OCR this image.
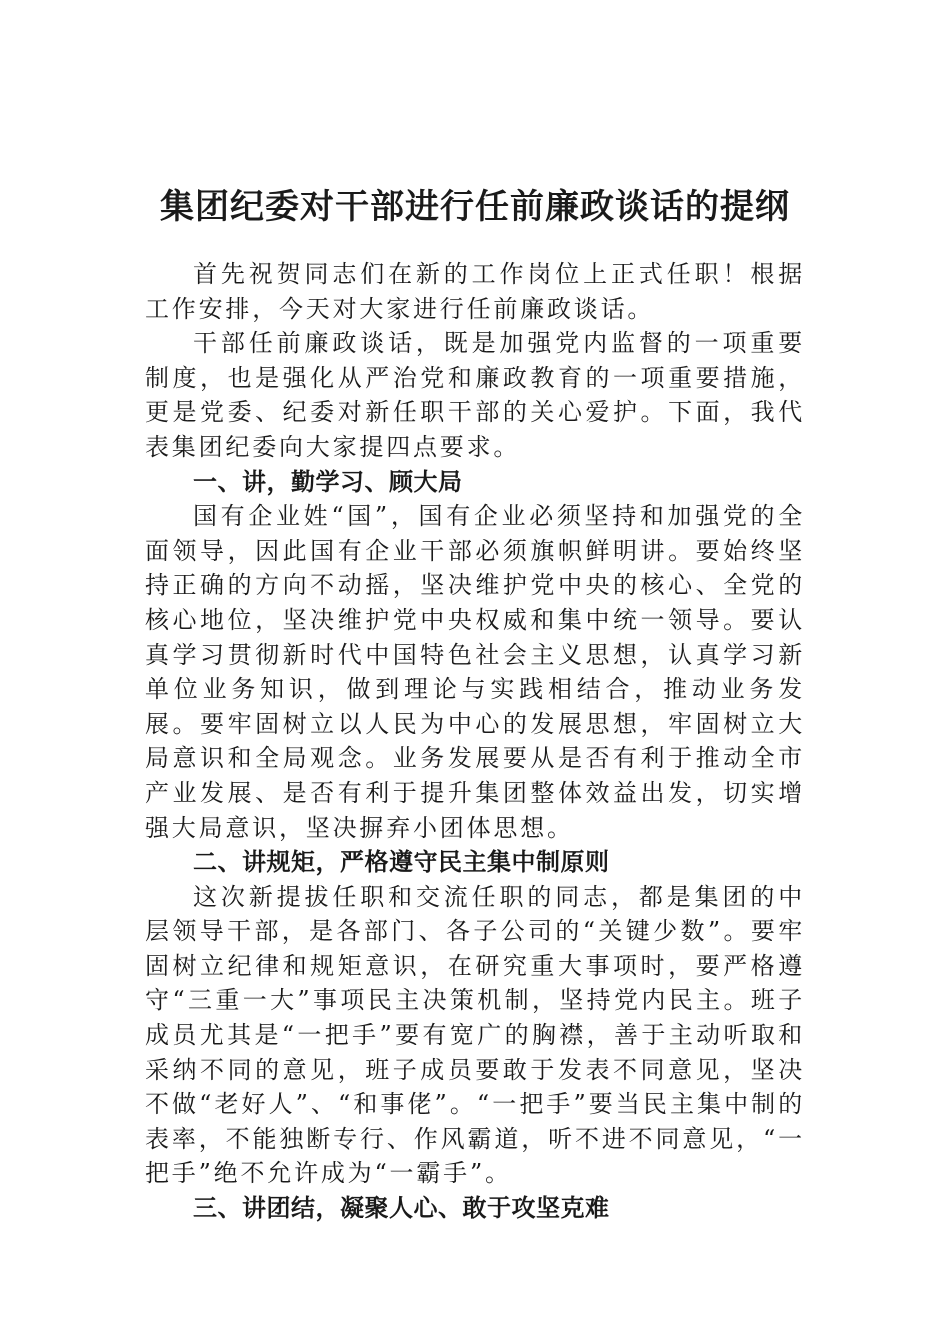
集团纪委对干部进行任前廉政谈话的提纲

首先祝贺同志们在新的工作岗位上正式任职！根据工作安排，今天对大家进行任前廉政谈话。

干部任前廉政谈话，既是加强党内监督的一项重要制度，也是强化从严治党和廉政教育的一项重要措施，更是党委、纪委对新任职干部的关心爱护。下面，我代表集团纪委向大家提四点要求。

一、讲，勤学习、顾大局

国有企业姓“国”，国有企业必须坚持和加强党的全面领导，因此国有企业干部必须旗帜鲜明讲。要始终坚持正确的方向不动摇，坚决维护党中央的核心、全党的核心地位，坚决维护党中央权威和集中统一领导。要认真学习贯彻新时代中国特色社会主义思想，认真学习新单位业务知识，做到理论与实践相结合，推动业务发展。要牢固树立以人民为中心的发展思想，牢固树立大局意识和全局观念。业务发展要从是否有利于推动全市产业发展、是否有利于提升集团整体效益出发，切实增强大局意识，坚决摒弃小团体思想。

二、讲规矩，严格遵守民主集中制原则

这次新提拔任职和交流任职的同志，都是集团的中层领导干部，是各部门、各子公司的“关键少数”。要牢固树立纪律和规矩意识，在研究重大事项时，要严格遵守“三重一大”事项民主决策机制，坚持党内民主。班子成员尤其是“一把手”要有宽广的胸襟，善于主动听取和采纳不同的意见，班子成员要敢于发表不同意见，坚决不做“老好人”、“和事佬”。“一把手”要当民主集中制的表率，不能独断专行、作风霸道，听不进不同意见，“一把手”绝不允许成为“一霸手”。

三、讲团结，凝聚人心、敢于攻坚克难
